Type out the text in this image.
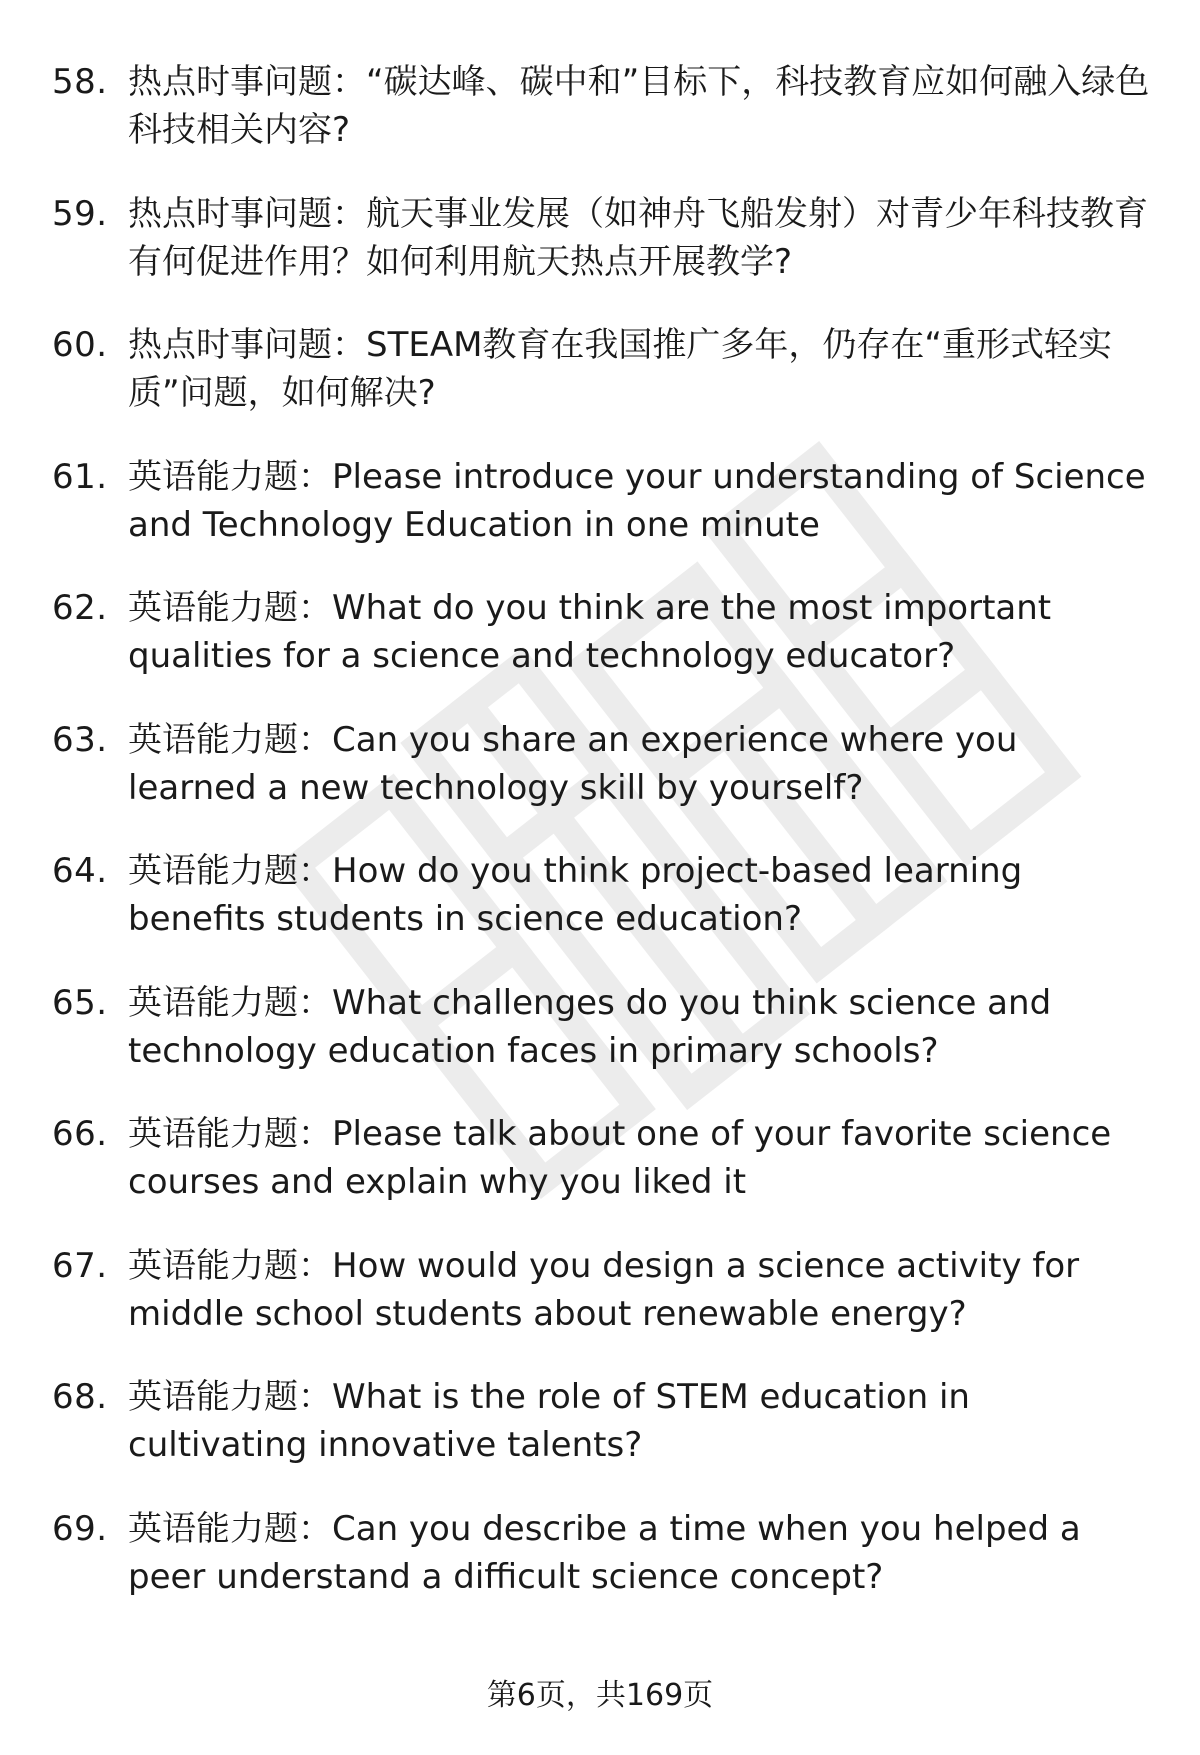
58. 热点时事问题：“碳达峰、碳中和”目标下，科技教育应如何融入绿色科技相关内容?
59. 热点时事问题：航天事业发展（如神舟飞船发射）对青少年科技教育有何促进作用？如何利用航天热点开展教学?
60. 热点时事问题：STEAM教育在我国推广多年，仍存在“重形式轻实质”问题，如何解决?
61. 英语能力题：Please introduce your understanding of Science and Technology Education in one minute
62. 英语能力题：What do you think are the most important qualities for a science and technology educator?
63. 英语能力题：Can you share an experience where you learned a new technology skill by yourself?
64. 英语能力题：How do you think project-based learning benefits students in science education?
65. 英语能力题：What challenges do you think science and technology education faces in primary schools?
66. 英语能力题：Please talk about one of your favorite science courses and explain why you liked it
67. 英语能力题：How would you design a science activity for middle school students about renewable energy?
68. 英语能力题：What is the role of STEM education in cultivating innovative talents?
69. 英语能力题：Can you describe a time when you helped a peer understand a difficult science concept?
第6页，共169页
